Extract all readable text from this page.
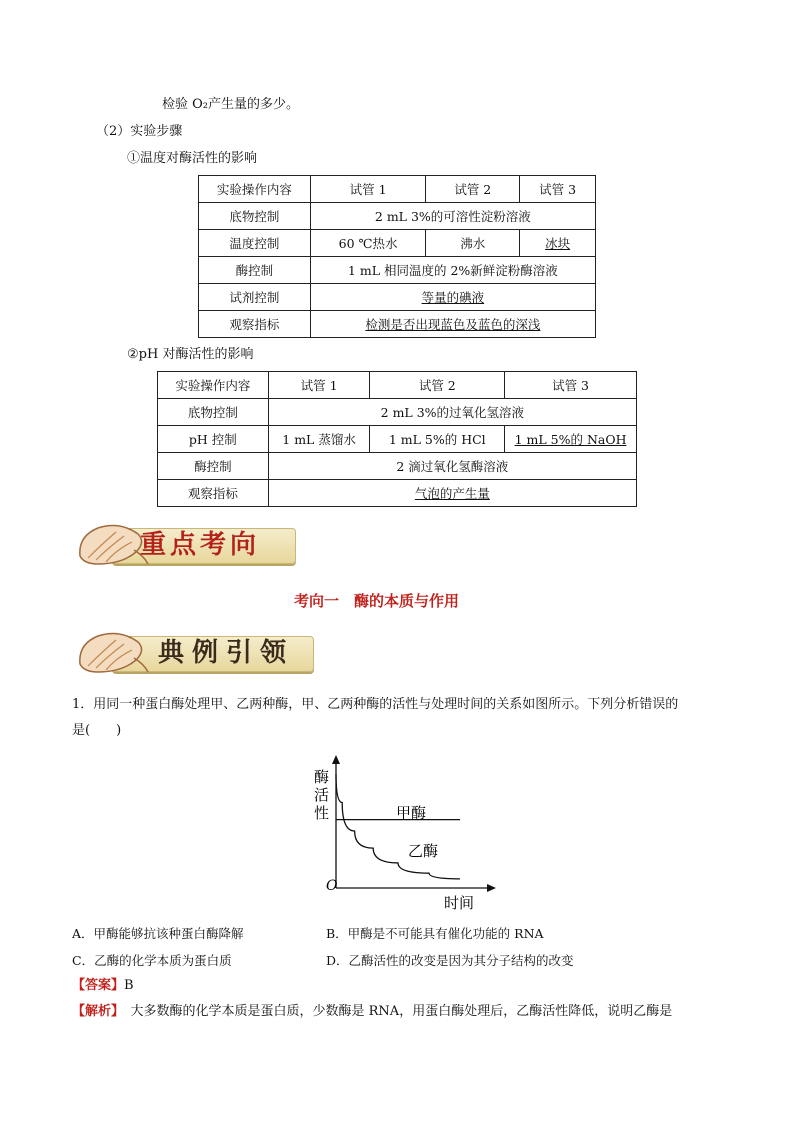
检验 O₂产生量的多少。
（2）实验步骤
①温度对酶活性的影响
实验操作内容	试管 1	试管 2	试管 3
底物控制	2 mL 3%的可溶性淀粉溶液		
温度控制	60 ℃热水	沸水	冰块
酶控制	1 mL 相同温度的 2%新鲜淀粉酶溶液		
试剂控制	等量的碘液		
观察指标	检测是否出现蓝色及蓝色的深浅		
②pH 对酶活性的影响
实验操作内容	试管 1	试管 2	试管 3
底物控制	2 mL 3%的过氧化氢溶液		
pH 控制	1 mL 蒸馏水	1 mL 5%的 HCl	1 mL 5%的 NaOH
酶控制	2 滴过氧化氢酶溶液		
观察指标	气泡的产生量		
重点考向
考向一　酶的本质与作用
典例引领
1．用同一种蛋白酶处理甲、乙两种酶，甲、乙两种酶的活性与处理时间的关系如图所示。下列分析错误的
是(　　)
酶
活
性
O
时间
甲酶
乙酶
A．甲酶能够抗该种蛋白酶降解	B．甲酶是不可能具有催化功能的 RNA
C．乙酶的化学本质为蛋白质	D．乙酶活性的改变是因为其分子结构的改变
【答案】B
【解析】　大多数酶的化学本质是蛋白质，少数酶是 RNA，用蛋白酶处理后，乙酶活性降低，说明乙酶是
